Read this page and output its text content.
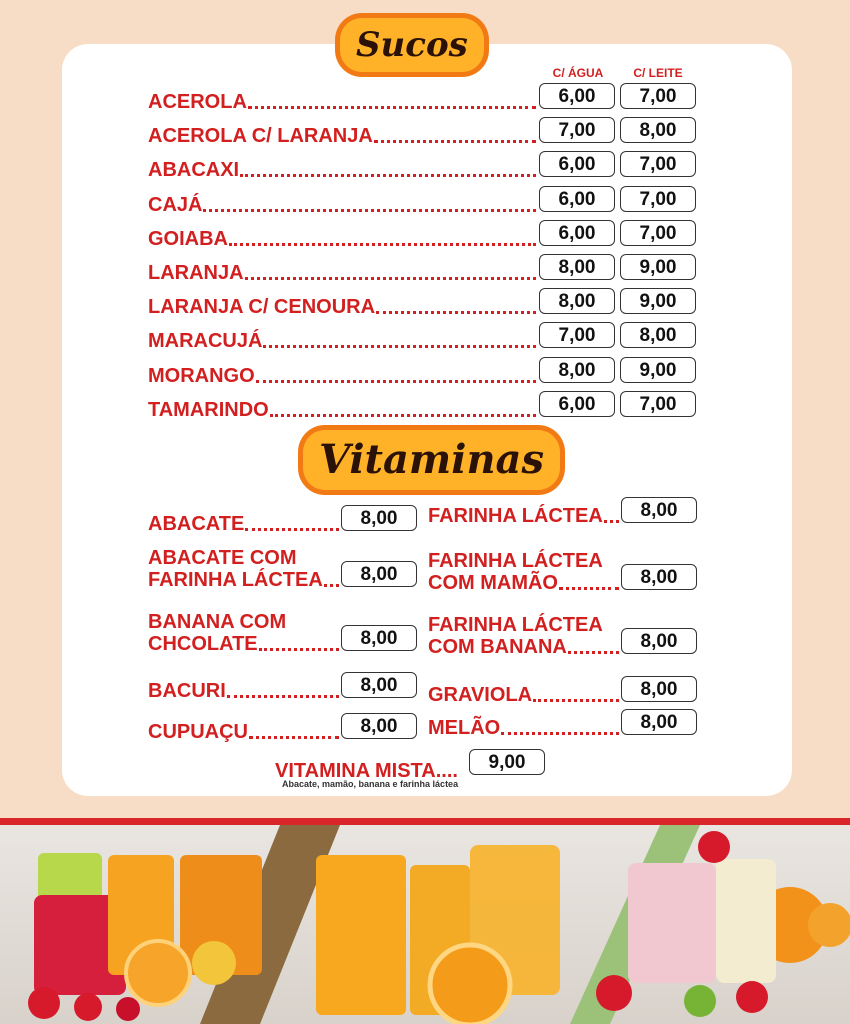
Sucos
C/ ÁGUA	C/ LEITE
ACEROLA	6,00	7,00
ACEROLA C/ LARANJA	7,00	8,00
ABACAXI	6,00	7,00
CAJÁ	6,00	7,00
GOIABA	6,00	7,00
LARANJA	8,00	9,00
LARANJA C/ CENOURA	8,00	9,00
MARACUJÁ	7,00	8,00
MORANGO	8,00	9,00
TAMARINDO	6,00	7,00
Vitaminas
ABACATE	8,00
ABACATE COM
FARINHA LÁCTEA	8,00
BANANA COM
CHCOLATE	8,00
BACURI	8,00
CUPUAÇU	8,00
FARINHA LÁCTEA	8,00
FARINHA LÁCTEA
COM MAMÃO	8,00
FARINHA LÁCTEA
COM BANANA	8,00
GRAVIOLA	8,00
MELÃO	8,00
VITAMINA MISTA....	9,00
Abacate, mamão, banana e farinha láctea
